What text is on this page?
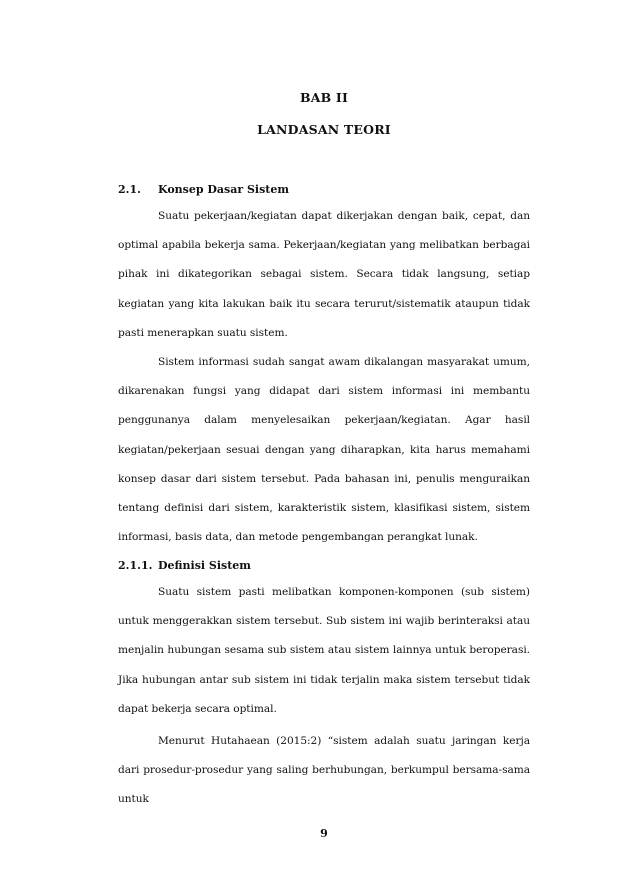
BAB II
LANDASAN TEORI
2.1. Konsep Dasar Sistem

Suatu pekerjaan/kegiatan dapat dikerjakan dengan baik, cepat, dan optimal apabila bekerja sama. Pekerjaan/kegiatan yang melibatkan berbagai pihak ini dikategorikan sebagai sistem. Secara tidak langsung, setiap kegiatan yang kita lakukan baik itu secara terurut/sistematik ataupun tidak pasti menerapkan suatu sistem.

Sistem informasi sudah sangat awam dikalangan masyarakat umum, dikarenakan fungsi yang didapat dari sistem informasi ini membantu penggunanya dalam menyelesaikan pekerjaan/kegiatan. Agar hasil kegiatan/pekerjaan sesuai dengan yang diharapkan, kita harus memahami konsep dasar dari sistem tersebut. Pada bahasan ini, penulis menguraikan tentang definisi dari sistem, karakteristik sistem, klasifikasi sistem, sistem informasi, basis data, dan metode pengembangan perangkat lunak.

2.1.1. Definisi Sistem

Suatu sistem pasti melibatkan komponen-komponen (sub sistem) untuk menggerakkan sistem tersebut. Sub sistem ini wajib berinteraksi atau menjalin hubungan sesama sub sistem atau sistem lainnya untuk beroperasi. Jika hubungan antar sub sistem ini tidak terjalin maka sistem tersebut tidak dapat bekerja secara optimal.

Menurut Hutahaean (2015:2) “sistem adalah suatu jaringan kerja dari prosedur-prosedur yang saling berhubungan, berkumpul bersama-sama untuk

9
